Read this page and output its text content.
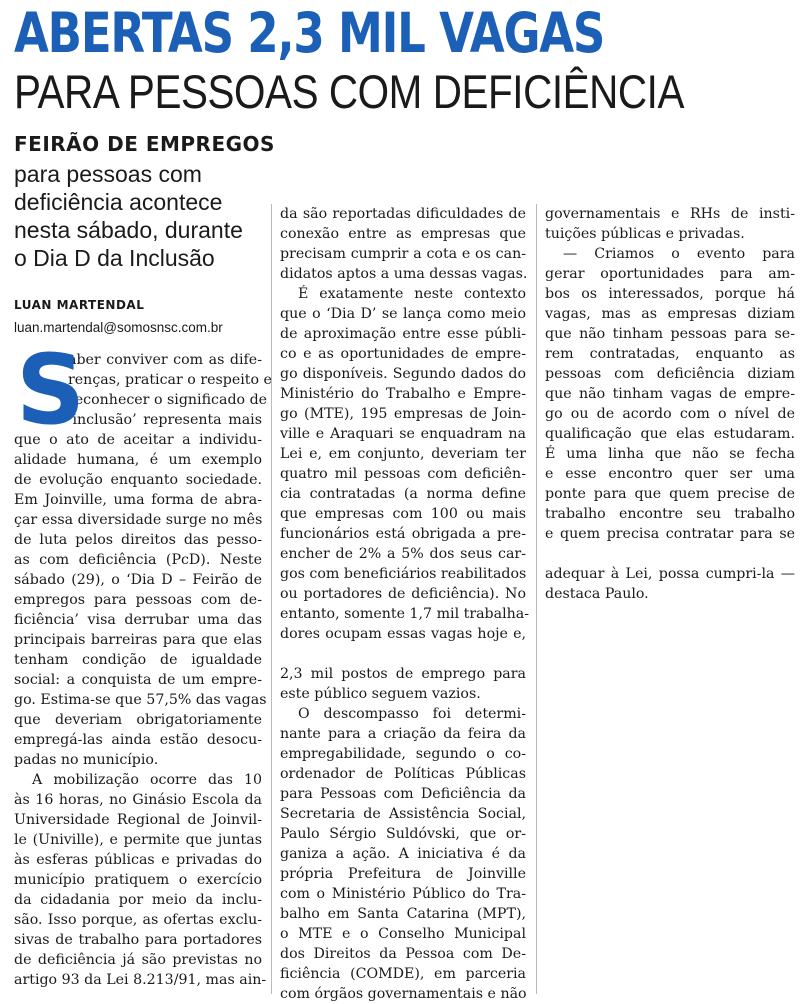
ABERTAS 2,3 MIL VAGAS
PARA PESSOAS COM DEFICIÊNCIA
FEIRÃO DE EMPREGOS
para pessoas com
deficiência acontece
nesta sábado, durante
o Dia D da Inclusão
LUAN MARTENDAL
luan.martendal@somosnsc.com.br
S
aber conviver com as dife-
renças, praticar o respeito e
reconhecer o significado de
‘inclusão’ representa mais
que o ato de aceitar a individu-
alidade humana, é um exemplo
de evolução enquanto sociedade.
Em Joinville, uma forma de abra-
çar essa diversidade surge no mês
de luta pelos direitos das pesso-
as com deficiência (PcD). Neste
sábado (29), o ‘Dia D – Feirão de
empregos para pessoas com de-
ficiência’ visa derrubar uma das
principais barreiras para que elas
tenham condição de igualdade
social: a conquista de um empre-
go. Estima-se que 57,5% das vagas
que deveriam obrigatoriamente
empregá-las ainda estão desocu-
padas no município.
A mobilização ocorre das 10
às 16 horas, no Ginásio Escola da
Universidade Regional de Joinvil-
le (Univille), e permite que juntas
às esferas públicas e privadas do
município pratiquem o exercício
da cidadania por meio da inclu-
são. Isso porque, as ofertas exclu-
sivas de trabalho para portadores
de deficiência já são previstas no
artigo 93 da Lei 8.213/91, mas ain-
da são reportadas dificuldades de
conexão entre as empresas que
precisam cumprir a cota e os can-
didatos aptos a uma dessas vagas.
É exatamente neste contexto
que o ‘Dia D’ se lança como meio
de aproximação entre esse públi-
co e as oportunidades de empre-
go disponíveis. Segundo dados do
Ministério do Trabalho e Empre-
go (MTE), 195 empresas de Join-
ville e Araquari se enquadram na
Lei e, em conjunto, deveriam ter
quatro mil pessoas com deficiên-
cia contratadas (a norma define
que empresas com 100 ou mais
funcionários está obrigada a pre-
encher de 2% a 5% dos seus car-
gos com beneficiários reabilitados
ou portadores de deficiência). No
entanto, somente 1,7 mil trabalha-
dores ocupam essas vagas hoje e,
2,3 mil postos de emprego para
este público seguem vazios.
O descompasso foi determi-
nante para a criação da feira da
empregabilidade, segundo o co-
ordenador de Políticas Públicas
para Pessoas com Deficiência da
Secretaria de Assistência Social,
Paulo Sérgio Suldóvski, que or-
ganiza a ação. A iniciativa é da
própria Prefeitura de Joinville
com o Ministério Público do Tra-
balho em Santa Catarina (MPT),
o MTE e o Conselho Municipal
dos Direitos da Pessoa com De-
ficiência (COMDE), em parceria
com órgãos governamentais e não
governamentais e RHs de insti-
tuições públicas e privadas.
— Criamos o evento para
gerar oportunidades para am-
bos os interessados, porque há
vagas, mas as empresas diziam
que não tinham pessoas para se-
rem contratadas, enquanto as
pessoas com deficiência diziam
que não tinham vagas de empre-
go ou de acordo com o nível de
qualificação que elas estudaram.
É uma linha que não se fecha
e esse encontro quer ser uma
ponte para que quem precise de
trabalho encontre seu trabalho
e quem precisa contratar para se
adequar à Lei, possa cumpri-la —
destaca Paulo.
